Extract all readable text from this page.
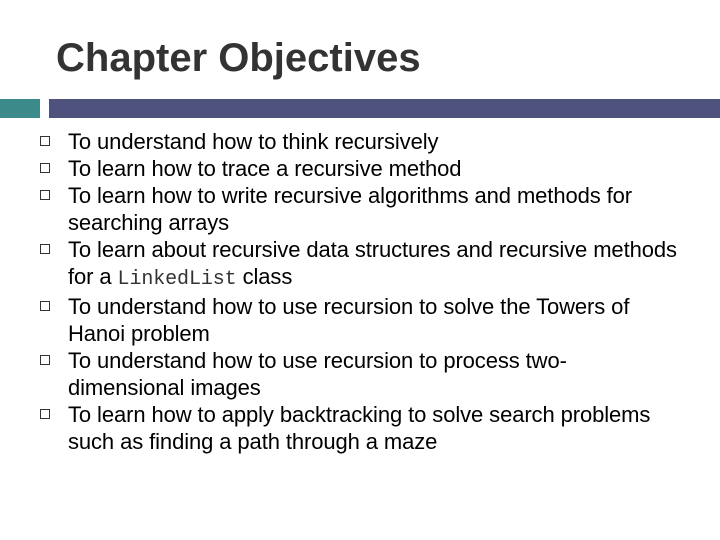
Chapter Objectives
To understand how to think recursively
To learn how to trace a recursive method
To learn how to write recursive algorithms and methods for searching arrays
To learn about recursive data structures and recursive methods for a LinkedList class
To understand how to use recursion to solve the Towers of Hanoi problem
To understand how to use recursion to process two-dimensional images
To learn how to apply backtracking to solve search problems such as finding a path through a maze
